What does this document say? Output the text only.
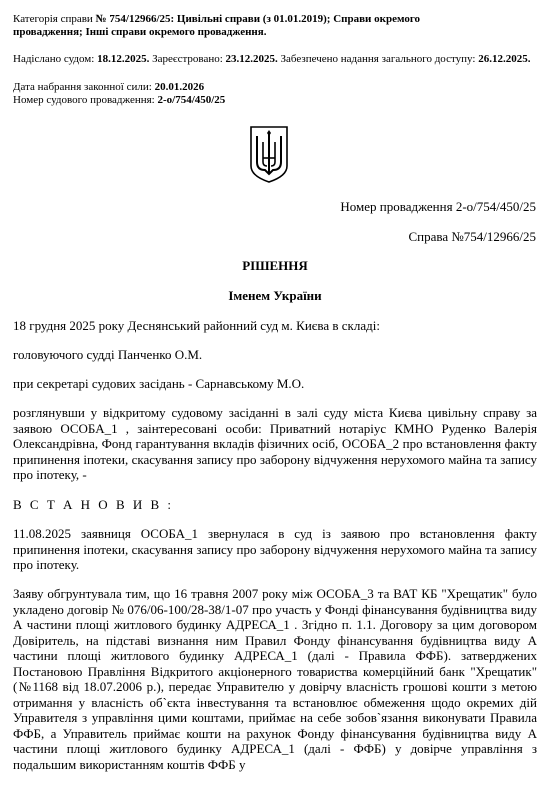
Категорія справи № 754/12966/25: Цивільні справи (з 01.01.2019); Справи окремого провадження; Інші справи окремого провадження.
Надіслано судом: 18.12.2025. Зареєстровано: 23.12.2025. Забезпечено надання загального доступу: 26.12.2025.
Дата набрання законної сили: 20.01.2026
Номер судового провадження: 2-о/754/450/25
Номер провадження 2-о/754/450/25
Справа №754/12966/25
РІШЕННЯ
Іменем України
18 грудня 2025 року Деснянський районний суд м. Києва в складі:
головуючого судді Панченко О.М.
при секретарі судових засідань - Сарнавському М.О.
розглянувши у відкритому судовому засіданні в залі суду міста Києва цивільну справу за заявою ОСОБА_1 , заінтересовані особи: Приватний нотаріус КМНО Руденко Валерія Олександрівна, Фонд гарантування вкладів фізичних осіб, ОСОБА_2 про встановлення факту припинення іпотеки, скасування запису про заборону відчуження нерухомого майна та запису про іпотеку, -
В С Т А Н О В И В :
11.08.2025 заявниця ОСОБА_1 звернулася в суд із заявою про встановлення факту припинення іпотеки, скасування запису про заборону відчуження нерухомого майна та запису про іпотеку.
Заяву обгрунтувала тим, що 16 травня 2007 року між ОСОБА_3 та ВАТ КБ "Хрещатик" було укладено договір № 076/06-100/28-38/1-07 про участь у Фонді фінансування будівництва виду А частини площі житлового будинку АДРЕСА_1 . Згідно п. 1.1. Договору за цим договором Довіритель, на підставі визнання ним Правил Фонду фінансування будівництва виду А частини площі житлового будинку АДРЕСА_1 (далі - Правила ФФБ). затверджених Постановою Правління Відкритого акціонерного товариства комерційний банк "Хрещатик" (№1168 від 18.07.2006 р.), передає Управителю у довірчу власність грошові кошти з метою отримання у власність об`єкта інвестування та встановлює обмеження щодо окремих дій Управителя з управління цими коштами, приймає на себе зобов`язання виконувати Правила ФФБ, а Управитель приймає кошти на рахунок Фонду фінансування будівництва виду А частини площі житлового будинку АДРЕСА_1 (далі - ФФБ) у довірче управління з подальшим використанням коштів ФФБ у
